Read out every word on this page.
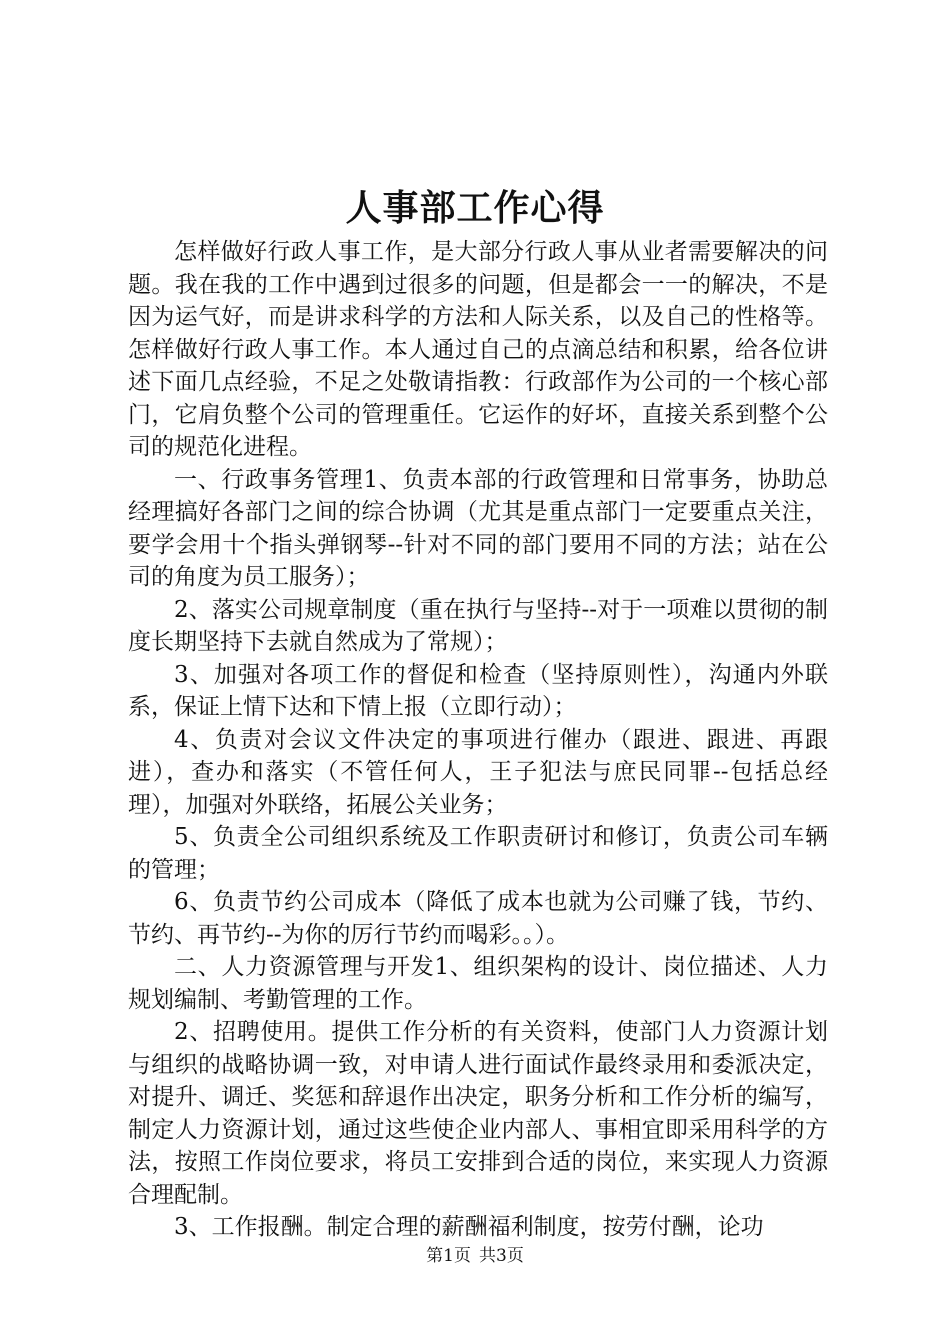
人事部工作心得

怎样做好行政人事工作，是大部分行政人事从业者需要解决的问题。我在我的工作中遇到过很多的问题，但是都会一一的解决，不是因为运气好，而是讲求科学的方法和人际关系，以及自己的性格等。怎样做好行政人事工作。本人通过自己的点滴总结和积累，给各位讲述下面几点经验，不足之处敬请指教：行政部作为公司的一个核心部门，它肩负整个公司的管理重任。它运作的好坏，直接关系到整个公司的规范化进程。

一、行政事务管理1、负责本部的行政管理和日常事务，协助总经理搞好各部门之间的综合协调（尤其是重点部门一定要重点关注，要学会用十个指头弹钢琴--针对不同的部门要用不同的方法；站在公司的角度为员工服务）；

2、落实公司规章制度（重在执行与坚持--对于一项难以贯彻的制度长期坚持下去就自然成为了常规）；

3、加强对各项工作的督促和检查（坚持原则性），沟通内外联系，保证上情下达和下情上报（立即行动）；

4、负责对会议文件决定的事项进行催办（跟进、跟进、再跟进），查办和落实（不管任何人，王子犯法与庶民同罪--包括总经理），加强对外联络，拓展公关业务；

5、负责全公司组织系统及工作职责研讨和修订，负责公司车辆的管理；

6、负责节约公司成本（降低了成本也就为公司赚了钱，节约、节约、再节约--为你的厉行节约而喝彩。。）。

二、人力资源管理与开发1、组织架构的设计、岗位描述、人力规划编制、考勤管理的工作。

2、招聘使用。提供工作分析的有关资料，使部门人力资源计划与组织的战略协调一致，对申请人进行面试作最终录用和委派决定，对提升、调迁、奖惩和辞退作出决定，职务分析和工作分析的编写，制定人力资源计划，通过这些使企业内部人、事相宜即采用科学的方法，按照工作岗位要求，将员工安排到合适的岗位，来实现人力资源合理配制。

3、工作报酬。制定合理的薪酬福利制度，按劳付酬，论功

第1页 共3页
